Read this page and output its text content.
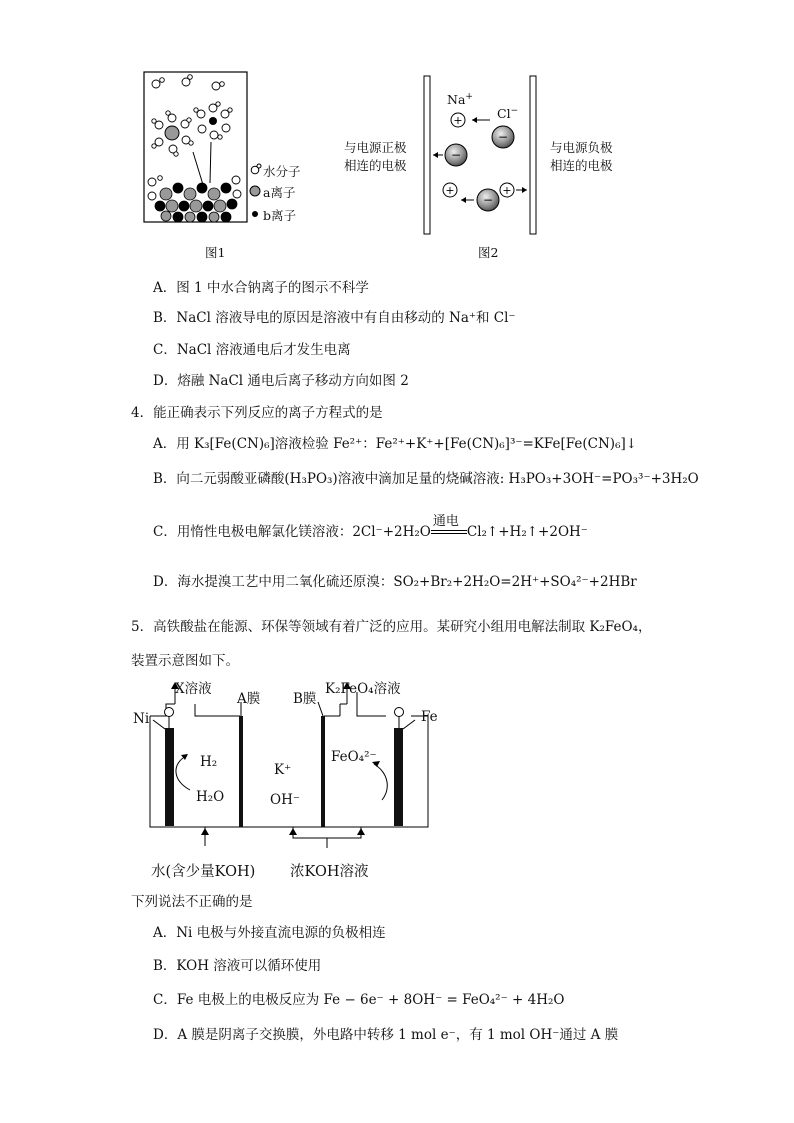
水分子
a离子
b离子
图1
+
−
−
+
−
+
Na+
Cl−
与电源正极
相连的电极
与电源负极
相连的电极
图2
A．图 1 中水合钠离子的图示不科学
B．NaCl 溶液导电的原因是溶液中有自由移动的 Na⁺和 Cl⁻
C．NaCl 溶液通电后才发生电离
D．熔融 NaCl 通电后离子移动方向如图 2
4．能正确表示下列反应的离子方程式的是
A．用 K₃[Fe(CN)₆]溶液检验 Fe²⁺：Fe²⁺+K⁺+[Fe(CN)₆]³⁻=KFe[Fe(CN)₆]↓
B．向二元弱酸亚磷酸(H₃PO₃)溶液中滴加足量的烧碱溶液: H₃PO₃+3OH⁻=PO₃³⁻+3H₂O
C．用惰性电极电解氯化镁溶液：2Cl⁻+2H₂O
通电
Cl₂↑+H₂↑+2OH⁻
D．海水提溴工艺中用二氧化硫还原溴：SO₂+Br₂+2H₂O=2H⁺+SO₄²⁻+2HBr
5．高铁酸盐在能源、环保等领域有着广泛的应用。某研究小组用电解法制取 K₂FeO₄，
装置示意图如下。
X溶液
A膜 B膜
K₂FeO₄溶液
Ni	Fe
H₂
H₂O
K⁺
OH⁻
FeO₄²⁻
水(含少量KOH) 浓KOH溶液
下列说法不正确的是
A．Ni 电极与外接直流电源的负极相连
B．KOH 溶液可以循环使用
C．Fe 电极上的电极反应为 Fe − 6e⁻ + 8OH⁻ = FeO₄²⁻ + 4H₂O
D．A 膜是阴离子交换膜，外电路中转移 1 mol e⁻，有 1 mol OH⁻通过 A 膜
